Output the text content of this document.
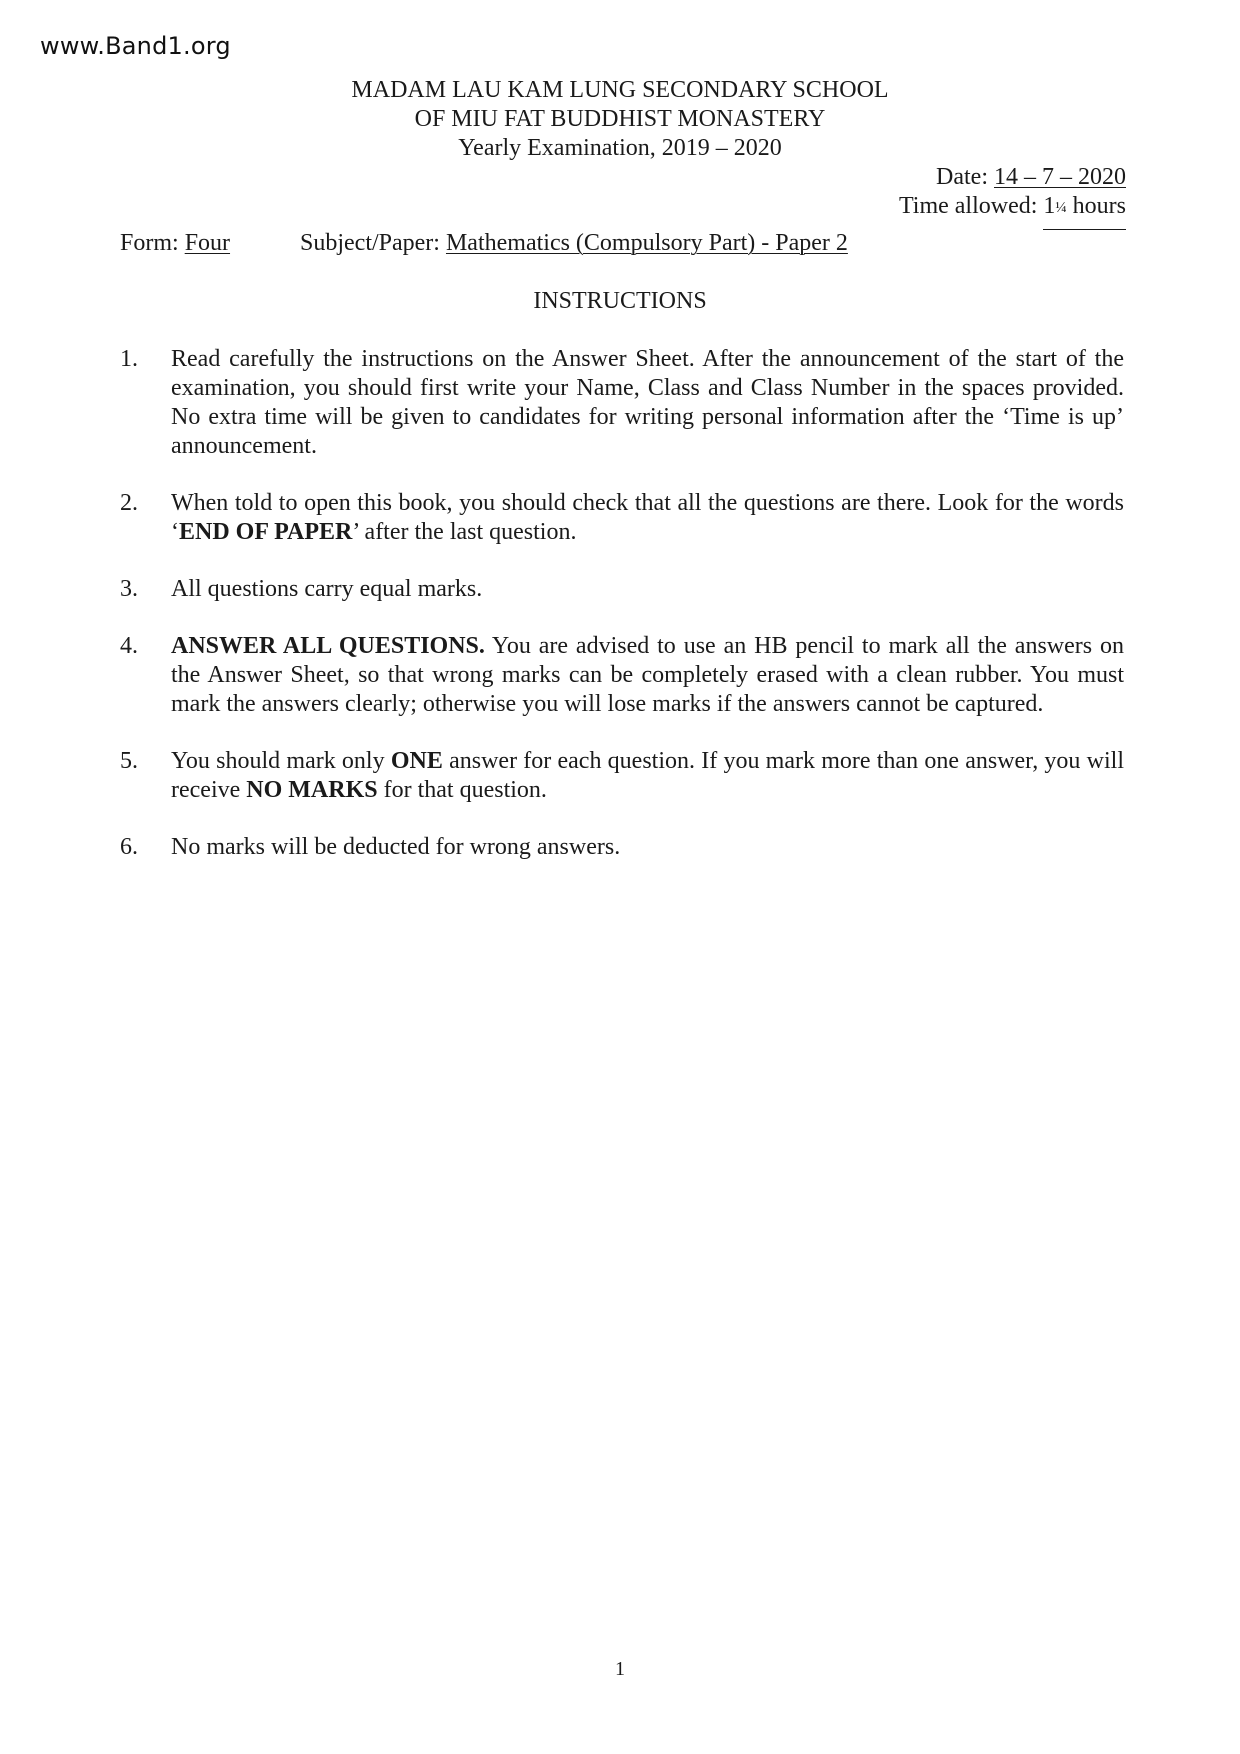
www.Band1.org
MADAM LAU KAM LUNG SECONDARY SCHOOL
OF MIU FAT BUDDHIST MONASTERY
Yearly Examination, 2019 – 2020
Date: 14 – 7 – 2020
Time allowed: 1¼ hours
Form: Four	Subject/Paper: Mathematics (Compulsory Part) - Paper 2
INSTRUCTIONS
1. Read carefully the instructions on the Answer Sheet. After the announcement of the start of the examination, you should first write your Name, Class and Class Number in the spaces provided. No extra time will be given to candidates for writing personal information after the ‘Time is up’ announcement.
2. When told to open this book, you should check that all the questions are there. Look for the words ‘END OF PAPER’ after the last question.
3. All questions carry equal marks.
4. ANSWER ALL QUESTIONS. You are advised to use an HB pencil to mark all the answers on the Answer Sheet, so that wrong marks can be completely erased with a clean rubber. You must mark the answers clearly; otherwise you will lose marks if the answers cannot be captured.
5. You should mark only ONE answer for each question. If you mark more than one answer, you will receive NO MARKS for that question.
6. No marks will be deducted for wrong answers.
1
